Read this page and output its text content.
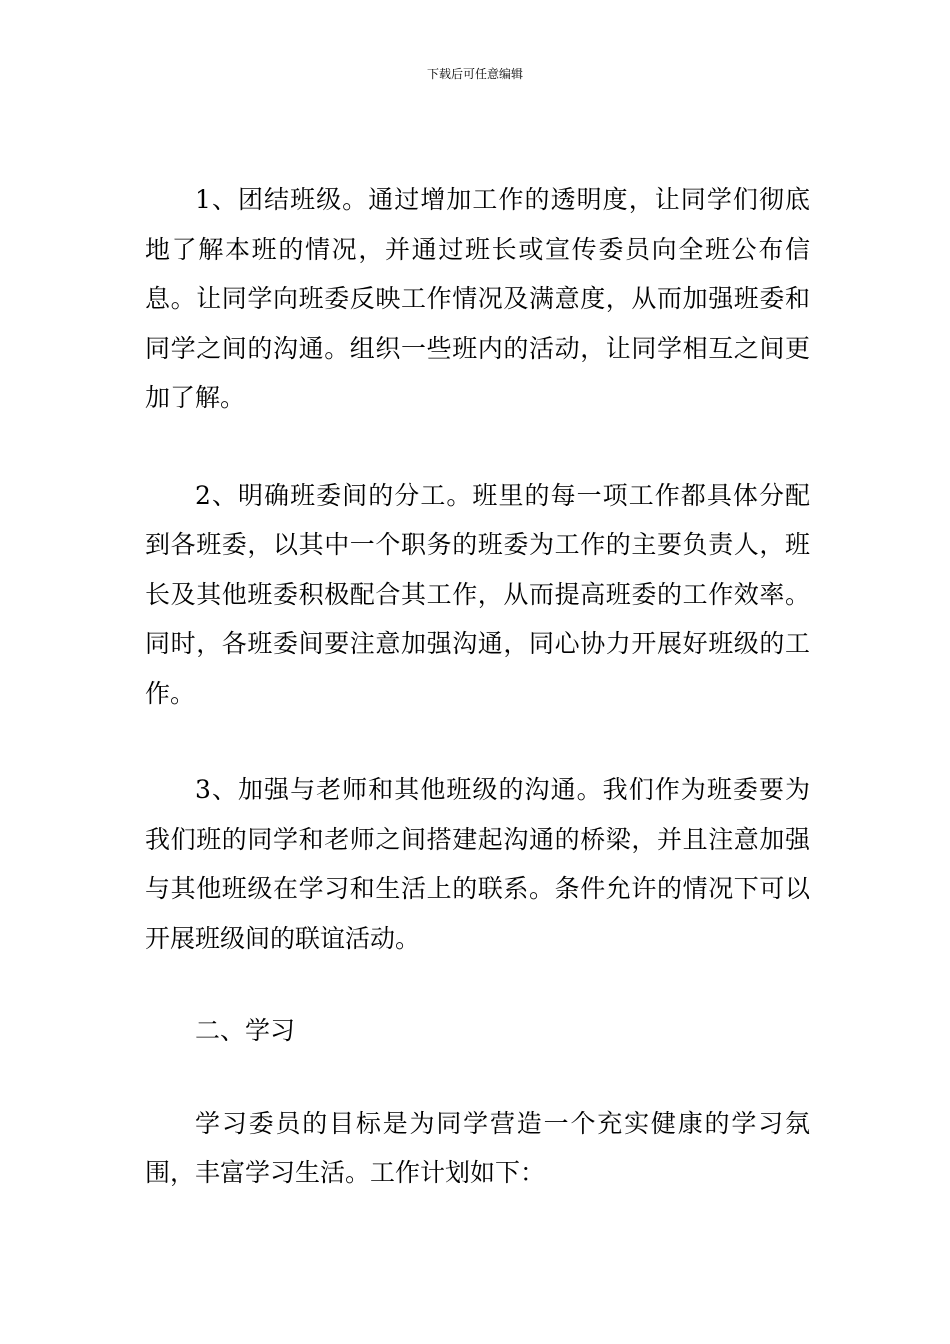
下载后可任意编辑

1、团结班级。通过增加工作的透明度，让同学们彻底地了解本班的情况，并通过班长或宣传委员向全班公布信息。让同学向班委反映工作情况及满意度，从而加强班委和同学之间的沟通。组织一些班内的活动，让同学相互之间更加了解。

2、明确班委间的分工。班里的每一项工作都具体分配到各班委，以其中一个职务的班委为工作的主要负责人，班长及其他班委积极配合其工作，从而提高班委的工作效率。同时，各班委间要注意加强沟通，同心协力开展好班级的工作。

3、加强与老师和其他班级的沟通。我们作为班委要为我们班的同学和老师之间搭建起沟通的桥梁，并且注意加强与其他班级在学习和生活上的联系。条件允许的情况下可以开展班级间的联谊活动。

二、学习

学习委员的目标是为同学营造一个充实健康的学习氛围，丰富学习生活。工作计划如下：
